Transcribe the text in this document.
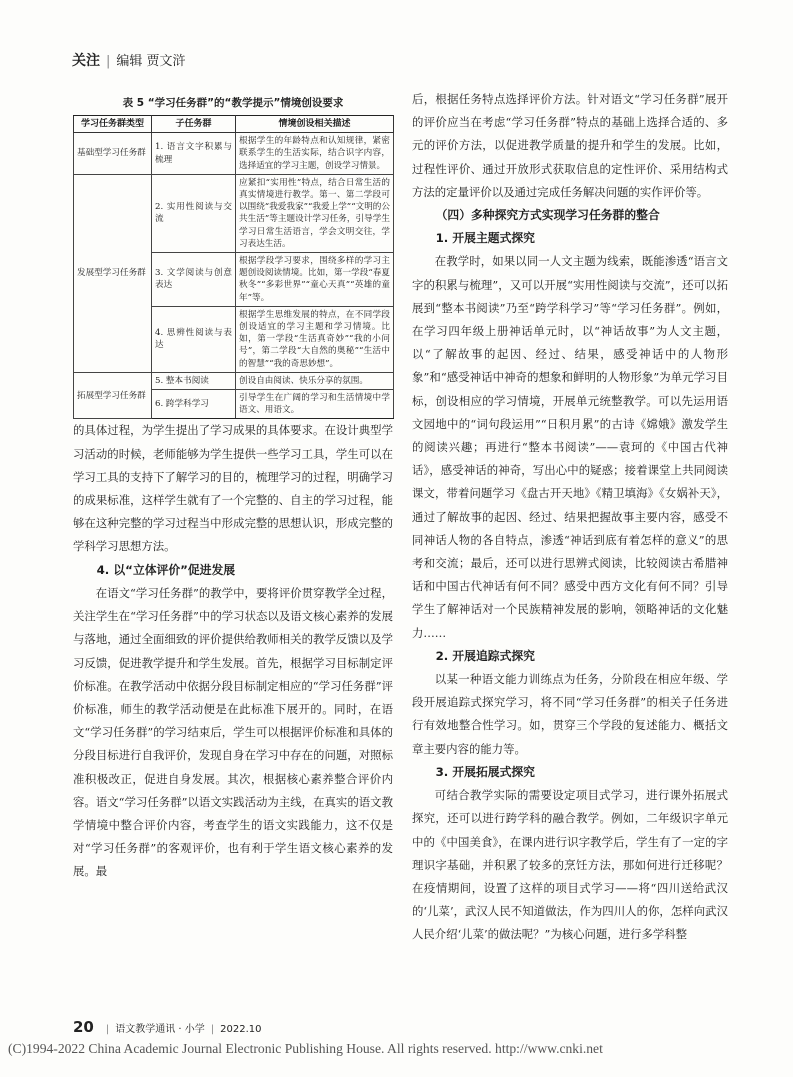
关注 | 编辑 贾文浒
表 5 “学习任务群”的“教学提示”情境创设要求
学习任务群类型	子任务群	情境创设相关描述
基础型学习任务群	1. 语言文字积累与梳理	根据学生的年龄特点和认知规律，紧密联系学生的生活实际，结合识字内容，选择适宜的学习主题，创设学习情景。
发展型学习任务群	2. 实用性阅读与交流	应紧扣“实用性”特点，结合日常生活的真实情境进行教学。第一、第二学段可以围绕“我爱我家”“我爱上学”“文明的公共生活”等主题设计学习任务，引导学生学习日常生活语言，学会文明交往，学习表达生活。
	3. 文学阅读与创意表达	根据学段学习要求，围绕多样的学习主题创设阅读情境。比如，第一学段“春夏秋冬”“多彩世界”“童心天真”“英雄的童年”等。
	4. 思辨性阅读与表达	根据学生思维发展的特点，在不同学段创设适宜的学习主题和学习情境。比如，第一学段“生活真奇妙”“我的小问号”，第二学段“大自然的奥秘”“生活中的智慧”“我的奇思妙想”。
拓展型学习任务群	5. 整本书阅读	创设自由阅读、快乐分享的氛围。
	6. 跨学科学习	引导学生在广阔的学习和生活情境中学语文、用语文。

的具体过程，为学生提出了学习成果的具体要求。在设计典型学习活动的时候，老师能够为学生提供一些学习工具，学生可以在学习工具的支持下了解学习的目的，梳理学习的过程，明确学习的成果标准，这样学生就有了一个完整的、自主的学习过程，能够在这种完整的学习过程当中形成完整的思想认识，形成完整的学科学习思想方法。

4. 以“立体评价”促进发展

在语文“学习任务群”的教学中，要将评价贯穿教学全过程，关注学生在“学习任务群”中的学习状态以及语文核心素养的发展与落地，通过全面细致的评价提供给教师相关的教学反馈以及学习反馈，促进教学提升和学生发展。首先，根据学习目标制定评价标准。在教学活动中依据分段目标制定相应的“学习任务群”评价标准，师生的教学活动便是在此标准下展开的。同时，在语文“学习任务群”的学习结束后，学生可以根据评价标准和具体的分段目标进行自我评价，发现自身在学习中存在的问题，对照标准积极改正，促进自身发展。其次，根据核心素养整合评价内容。语文“学习任务群”以语文实践活动为主线，在真实的语文教学情境中整合评价内容，考查学生的语文实践能力，这不仅是对“学习任务群”的客观评价，也有利于学生语文核心素养的发展。最

后，根据任务特点选择评价方法。针对语文“学习任务群”展开的评价应当在考虑“学习任务群”特点的基础上选择合适的、多元的评价方法，以促进教学质量的提升和学生的发展。比如，过程性评价、通过开放形式获取信息的定性评价、采用结构式方法的定量评价以及通过完成任务解决问题的实作评价等。

（四）多种探究方式实现学习任务群的整合

1. 开展主题式探究

在教学时，如果以同一人文主题为线索，既能渗透“语言文字的积累与梳理”，又可以开展“实用性阅读与交流”，还可以拓展到“整本书阅读”乃至“跨学科学习”等“学习任务群”。例如，在学习四年级上册神话单元时，以“神话故事”为人文主题，以“了解故事的起因、经过、结果，感受神话中的人物形象”和“感受神话中神奇的想象和鲜明的人物形象”为单元学习目标，创设相应的学习情境，开展单元统整教学。可以先运用语文园地中的“词句段运用”“日积月累”的古诗《嫦娥》激发学生的阅读兴趣；再进行“整本书阅读”——袁珂的《中国古代神话》，感受神话的神奇，写出心中的疑惑；接着课堂上共同阅读课文，带着问题学习《盘古开天地》《精卫填海》《女娲补天》，通过了解故事的起因、经过、结果把握故事主要内容，感受不同神话人物的各自特点，渗透“神话到底有着怎样的意义”的思考和交流；最后，还可以进行思辨式阅读，比较阅读古希腊神话和中国古代神话有何不同？感受中西方文化有何不同？引导学生了解神话对一个民族精神发展的影响，领略神话的文化魅力……

2. 开展追踪式探究

以某一种语文能力训练点为任务，分阶段在相应年级、学段开展追踪式探究学习，将不同“学习任务群”的相关子任务进行有效地整合性学习。如，贯穿三个学段的复述能力、概括文章主要内容的能力等。

3. 开展拓展式探究

可结合教学实际的需要设定项目式学习，进行课外拓展式探究，还可以进行跨学科的融合教学。例如，二年级识字单元中的《中国美食》，在课内进行识字教学后，学生有了一定的字理识字基础，并积累了较多的烹饪方法，那如何进行迁移呢？在疫情期间，设置了这样的项目式学习——将“四川送给武汉的‘儿菜’，武汉人民不知道做法，作为四川人的你，怎样向武汉人民介绍‘儿菜’的做法呢？”为核心问题，进行多学科整

20 | 语文教学通讯 · 小学 | 2022.10
(C)1994-2022 China Academic Journal Electronic Publishing House. All rights reserved. http://www.cnki.net
